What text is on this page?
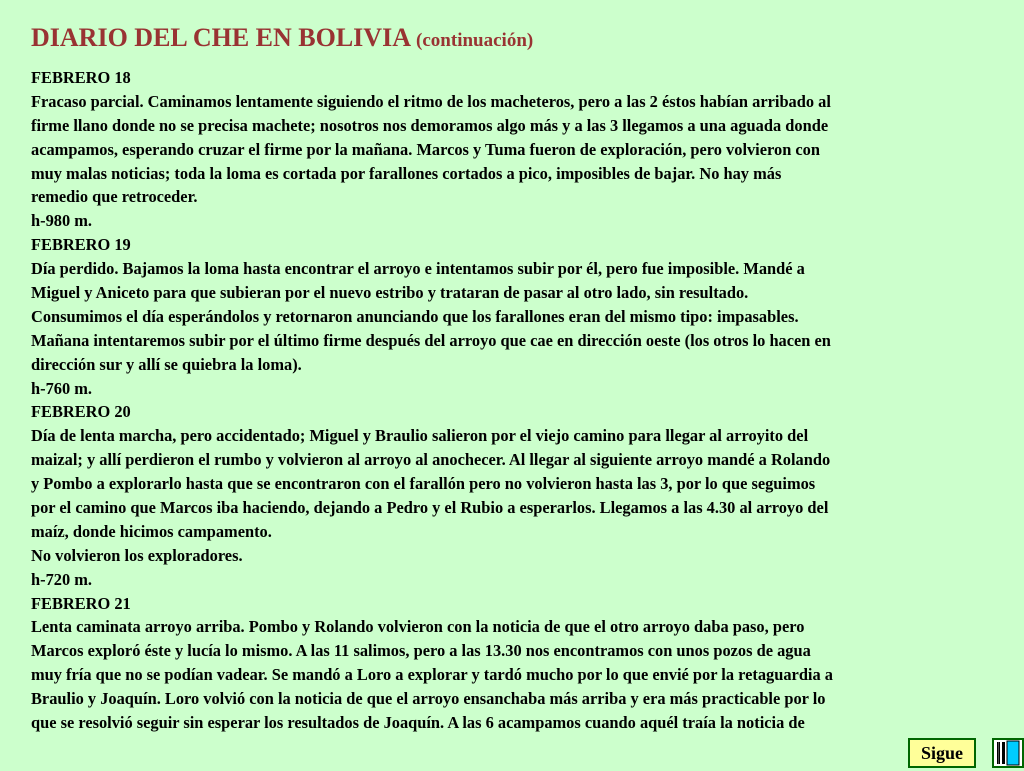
DIARIO DEL CHE EN BOLIVIA (continuación)
FEBRERO 18
Fracaso parcial. Caminamos lentamente siguiendo el ritmo de los macheteros, pero a las 2 éstos habían arribado al
firme llano donde no se precisa machete; nosotros nos demoramos algo más y a las 3 llegamos a una aguada donde
acampamos, esperando cruzar el firme por la mañana. Marcos y Tuma fueron de exploración, pero volvieron con
muy malas noticias; toda la loma es cortada por farallones cortados a pico, imposibles de bajar. No hay más
remedio que retroceder.
h-980 m.
FEBRERO 19
Día perdido. Bajamos la loma hasta encontrar el arroyo e intentamos subir por él, pero fue imposible. Mandé a
Miguel y Aniceto para que subieran por el nuevo estribo y trataran de pasar al otro lado, sin resultado.
Consumimos el día esperándolos y retornaron anunciando que los farallones eran del mismo tipo: impasables.
Mañana intentaremos subir por el último firme después del arroyo que cae en dirección oeste (los otros lo hacen en
dirección sur y allí se quiebra la loma).
h-760 m.
FEBRERO 20
Día de lenta marcha, pero accidentado; Miguel y Braulio salieron por el viejo camino para llegar al arroyito del
maizal; y allí perdieron el rumbo y volvieron al arroyo al anochecer. Al llegar al siguiente arroyo mandé a Rolando
y Pombo a explorarlo hasta que se encontraron con el farallón pero no volvieron hasta las 3, por lo que seguimos
por el camino que Marcos iba haciendo, dejando a Pedro y el Rubio a esperarlos. Llegamos a las 4.30 al arroyo del
maíz, donde hicimos campamento.
No volvieron los exploradores.
h-720 m.
FEBRERO 21
Lenta caminata arroyo arriba. Pombo y Rolando volvieron con la noticia de que el otro arroyo daba paso, pero
Marcos exploró éste y lucía lo mismo. A las 11 salimos, pero a las 13.30 nos encontramos con unos pozos de agua
muy fría que no se podían vadear. Se mandó a Loro a explorar y tardó mucho por lo que envié por la retaguardia a
Braulio y Joaquín. Loro volvió con la noticia de que el arroyo ensanchaba más arriba y era más practicable por lo
que se resolvió seguir sin esperar los resultados de Joaquín. A las 6 acampamos cuando aquél traía la noticia de
Sigue
